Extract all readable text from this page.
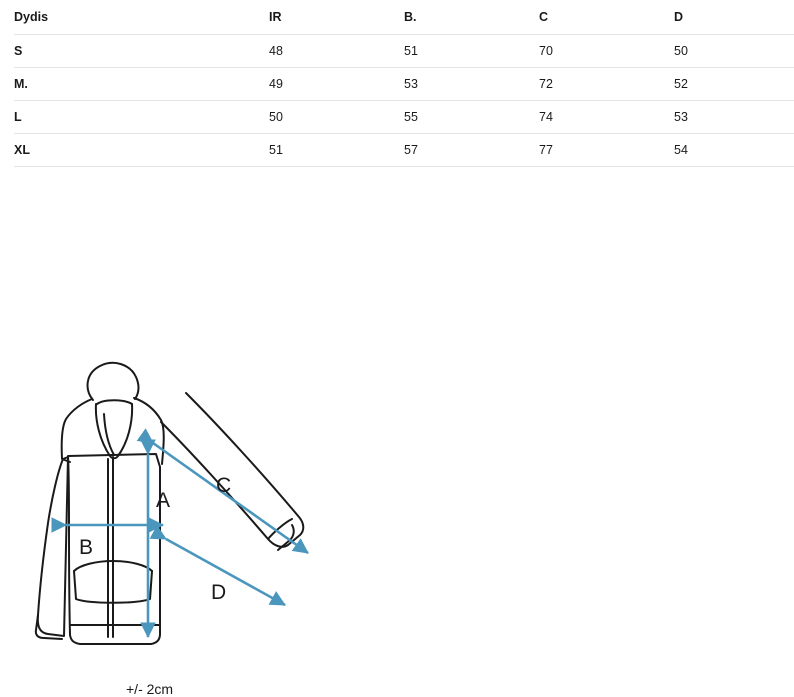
Dydis	IR	B.	C	D
S	48	51	70	50
M.	49	53	72	52
L	50	55	74	53
XL	51	57	77	54
A
B
C
D
+/- 2cm
